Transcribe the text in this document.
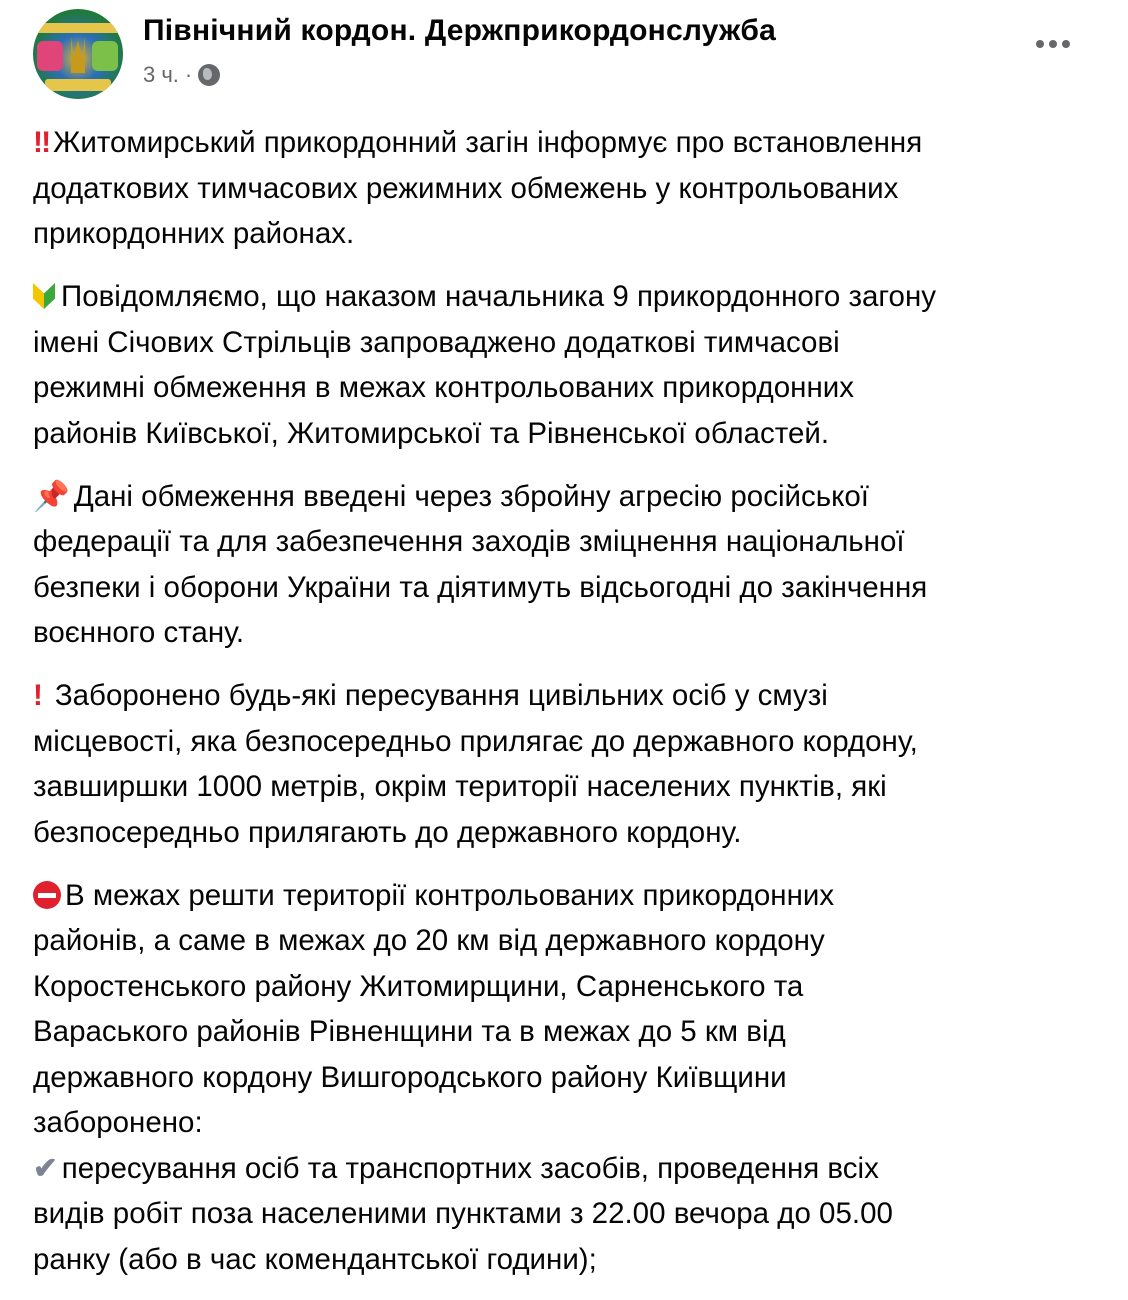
Північний кордон. Держприкордонслужба
3 ч. ·
‼ Житомирський прикордонний загін інформує про встановлення
додаткових тимчасових режимних обмежень у контрольованих
прикордонних районах.
Повідомляємо, що наказом начальника 9 прикордонного загону
імені Січових Стрільців запроваджено додаткові тимчасові
режимні обмеження в межах контрольованих прикордонних
районів Київської, Житомирської та Рівненської областей.
📌 Дані обмеження введені через збройну агресію російської
федерації та для забезпечення заходів зміцнення національної
безпеки і оборони України та діятимуть відсьогодні до закінчення
воєнного стану.
! Заборонено будь-які пересування цивільних осіб у смузі
місцевості, яка безпосередньо прилягає до державного кордону,
завширшки 1000 метрів, окрім території населених пунктів, які
безпосередньо прилягають до державного кордону.
В межах решти території контрольованих прикордонних
районів, а саме в межах до 20 км від державного кордону
Коростенського району Житомирщини, Сарненського та
Вараського районів Рівненщини та в межах до 5 км від
державного кордону Вишгородського району Київщини
заборонено:
✔ пересування осіб та транспортних засобів, проведення всіх
видів робіт поза населеними пунктами з 22.00 вечора до 05.00
ранку (або в час комендантської години);
